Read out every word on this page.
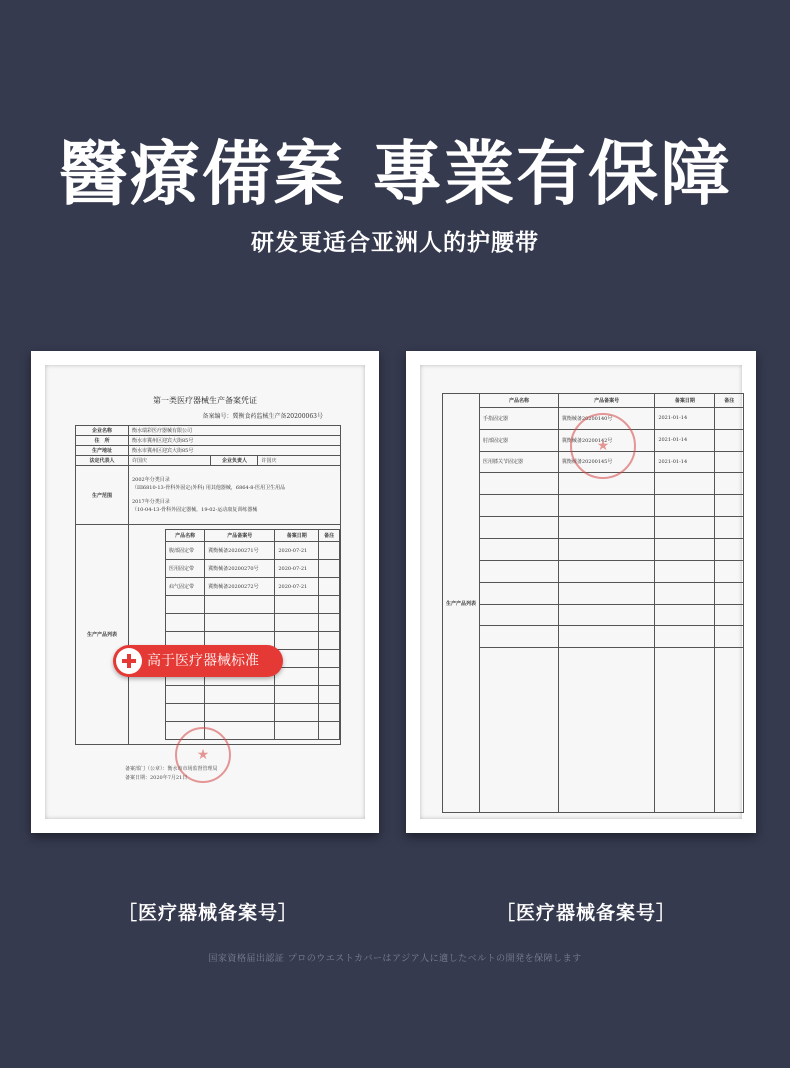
醫療備案 專業有保障
研发更适合亚洲人的护腰带
第一类医疗器械生产备案凭证
备案编号：冀衡食药监械生产备20200063号
企业名称	衡水瑞彩医疗器械有限公司
住　所	衡水市冀州区迎宾大街85号
生产地址	衡水市冀州区迎宾大街85号
法定代表人	许国庆	企业负责人	许国庆
生产范围	
2002年分类目录
（III6810-13-骨科外固定(外科) 用其他器械，6864-8-医用卫生用品
2017年分类目录
（10-04-13-骨科外固定器械，19-02-运动康复训练器械

生产产品列表	
产品名称	产品备案号	备案日期	备注
腹部固定带	冀衡械备20200271号	2020-07-21	
医用固定带	冀衡械备20200270号	2020-07-21	
疝气固定带	冀衡械备20200272号	2020-07-21	

★
备案部门（公章）：衡水市市场监督管理局
备案日期：2020年7月21日
高于医疗器械标准
生产产品列表	产品名称	产品备案号	备案日期	备注
	手指固定器	冀衡械备20200140号	2021-01-14	
	肘部固定器	冀衡械备20200142号	2021-01-14	
	医用膝关节固定器	冀衡械备20200145号	2021-01-14	

★
［医疗器械备案号］	［医疗器械备案号］
国家資格届出認証 プロのウエストカバーはアジア人に適したベルトの開発を保障します
